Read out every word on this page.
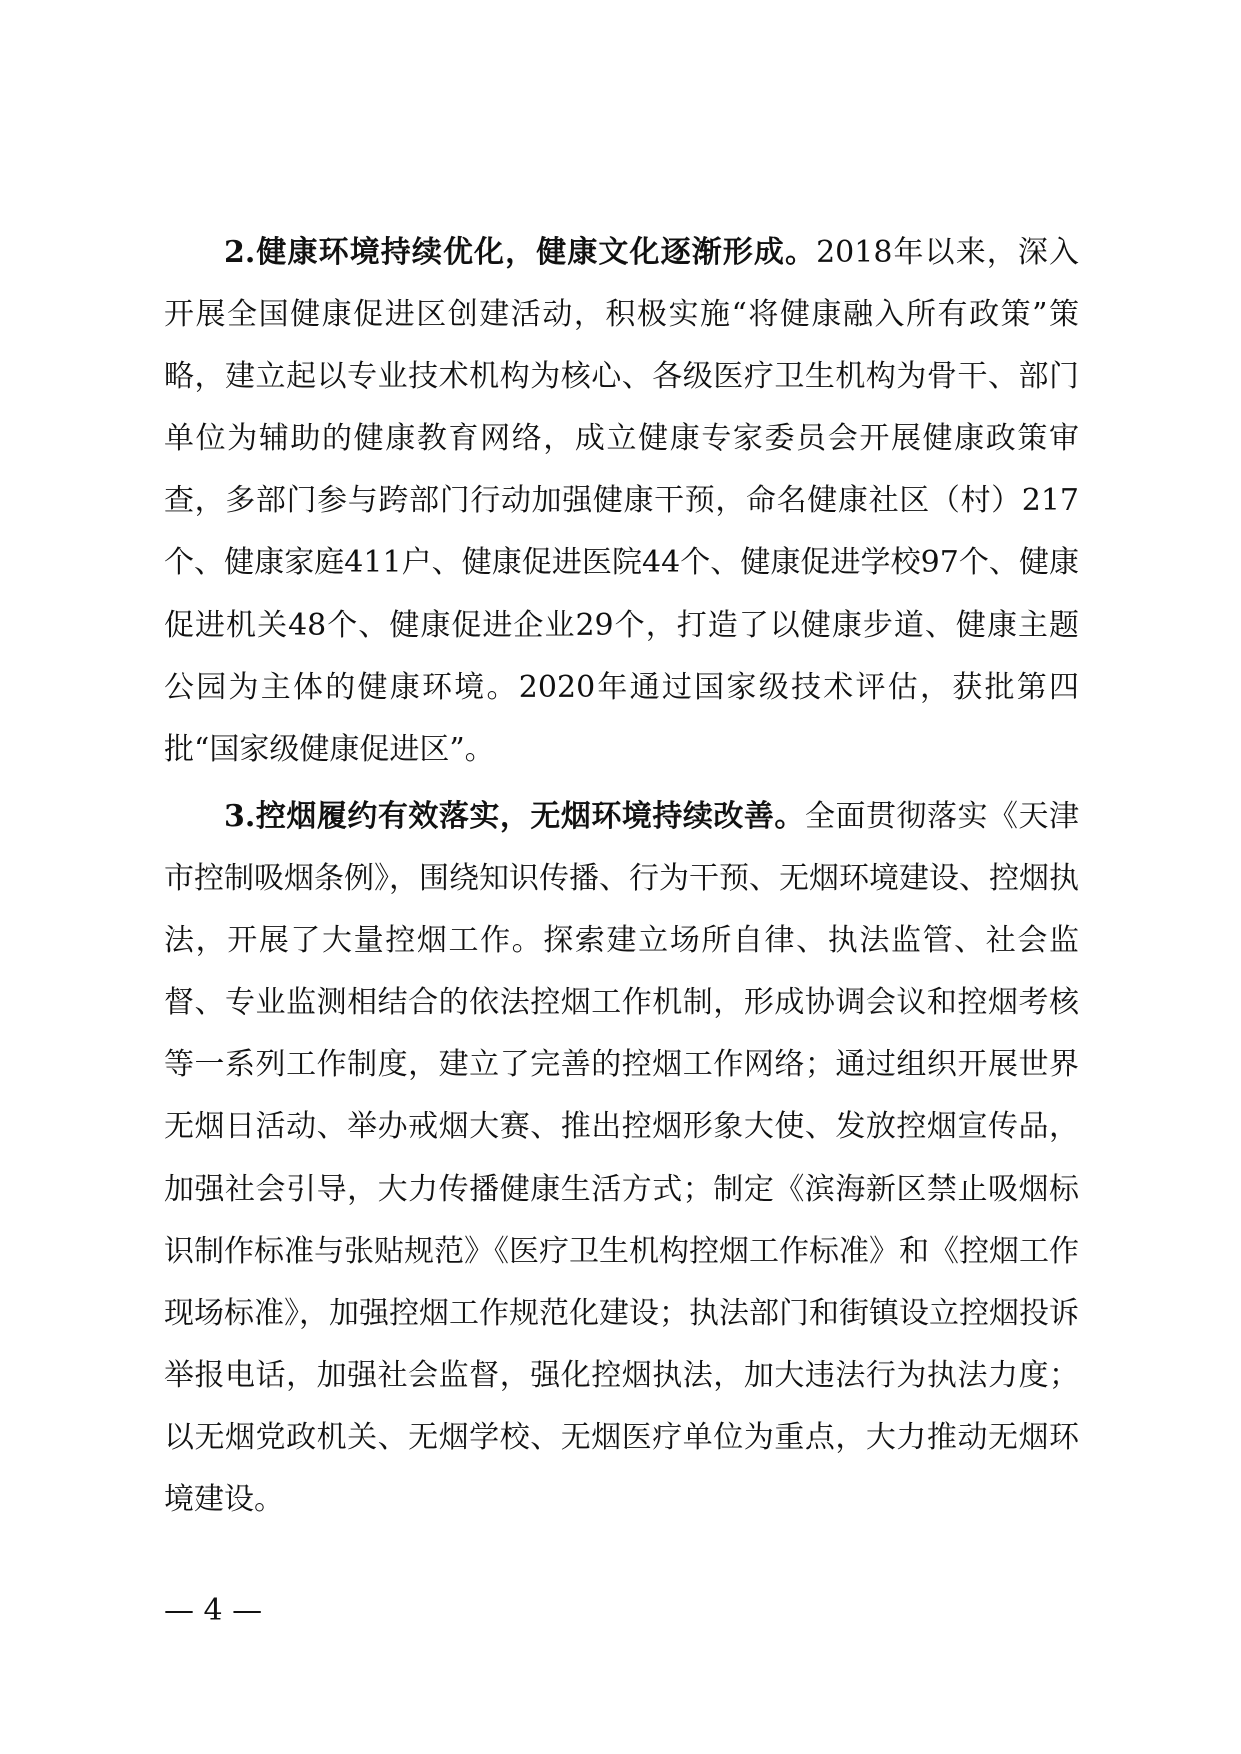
2.健康环境持续优化，健康文化逐渐形成。2018年以来，深入开展全国健康促进区创建活动，积极实施“将健康融入所有政策”策略，建立起以专业技术机构为核心、各级医疗卫生机构为骨干、部门单位为辅助的健康教育网络，成立健康专家委员会开展健康政策审查，多部门参与跨部门行动加强健康干预，命名健康社区（村）217个、健康家庭411户、健康促进医院44个、健康促进学校97个、健康促进机关48个、健康促进企业29个，打造了以健康步道、健康主题公园为主体的健康环境。2020年通过国家级技术评估，获批第四批“国家级健康促进区”。

3.控烟履约有效落实，无烟环境持续改善。全面贯彻落实《天津市控制吸烟条例》，围绕知识传播、行为干预、无烟环境建设、控烟执法，开展了大量控烟工作。探索建立场所自律、执法监管、社会监督、专业监测相结合的依法控烟工作机制，形成协调会议和控烟考核等一系列工作制度，建立了完善的控烟工作网络；通过组织开展世界无烟日活动、举办戒烟大赛、推出控烟形象大使、发放控烟宣传品，加强社会引导，大力传播健康生活方式；制定《滨海新区禁止吸烟标识制作标准与张贴规范》《医疗卫生机构控烟工作标准》和《控烟工作现场标准》，加强控烟工作规范化建设；执法部门和街镇设立控烟投诉举报电话，加强社会监督，强化控烟执法，加大违法行为执法力度；以无烟党政机关、无烟学校、无烟医疗单位为重点，大力推动无烟环境建设。

— 4 —
